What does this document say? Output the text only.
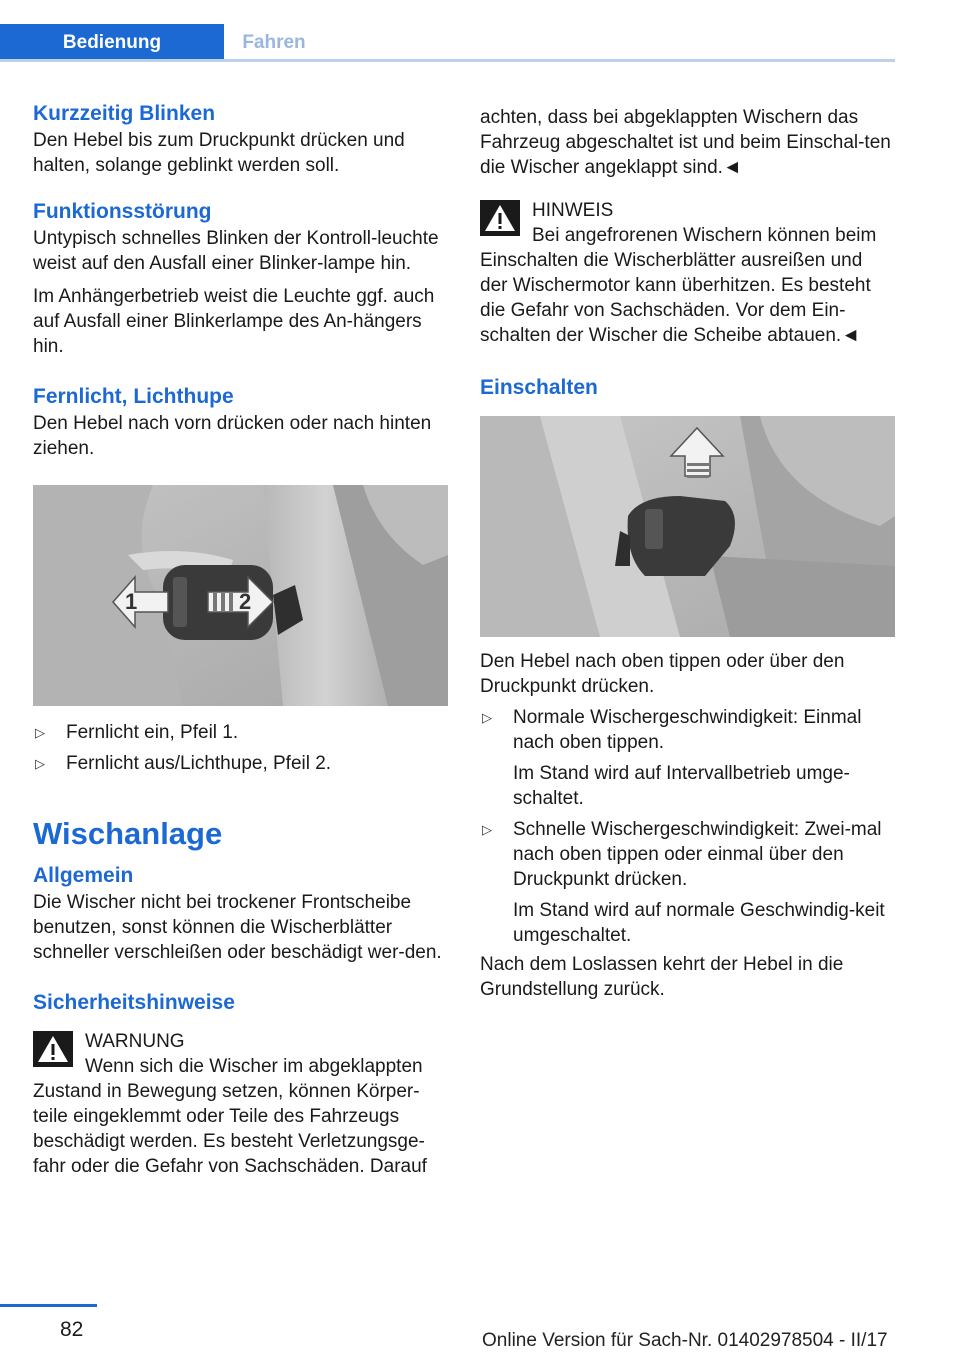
Bedienung	Fahren
Kurzzeitig Blinken

Den Hebel bis zum Druckpunkt drücken und halten, solange geblinkt werden soll.

Funktionsstörung

Untypisch schnelles Blinken der Kontroll-leuchte weist auf den Ausfall einer Blinker-lampe hin.

Im Anhängerbetrieb weist die Leuchte ggf. auch auf Ausfall einer Blinkerlampe des An-hängers hin.

Fernlicht, Lichthupe

Den Hebel nach vorn drücken oder nach hinten ziehen.

1	2
▷ Fernlicht ein, Pfeil 1.
▷ Fernlicht aus/Lichthupe, Pfeil 2.
Wischanlage
Allgemein

Die Wischer nicht bei trockener Frontscheibe benutzen, sonst können die Wischerblätter schneller verschleißen oder beschädigt wer-den.

Sicherheitshinweise
WARNUNG
Wenn sich die Wischer im abgeklappten

Zustand in Bewegung setzen, können Körper-teile eingeklemmt oder Teile des Fahrzeugs beschädigt werden. Es besteht Verletzungsge-fahr oder die Gefahr von Sachschäden. Darauf

achten, dass bei abgeklappten Wischern das Fahrzeug abgeschaltet ist und beim Einschal-ten die Wischer angeklappt sind.◄

HINWEIS
Bei angefrorenen Wischern können beim

Einschalten die Wischerblätter ausreißen und der Wischermotor kann überhitzen. Es besteht die Gefahr von Sachschäden. Vor dem Ein-schalten der Wischer die Scheibe abtauen.◄

Einschalten

Den Hebel nach oben tippen oder über den Druckpunkt drücken.

▷ Normale Wischergeschwindigkeit: Einmal nach oben tippen.
Im Stand wird auf Intervallbetrieb umge-schaltet.
▷ Schnelle Wischergeschwindigkeit: Zwei-mal nach oben tippen oder einmal über den Druckpunkt drücken.
Im Stand wird auf normale Geschwindig-keit umgeschaltet.

Nach dem Loslassen kehrt der Hebel in die Grundstellung zurück.

82	Online Version für Sach-Nr. 01402978504 - II/17
